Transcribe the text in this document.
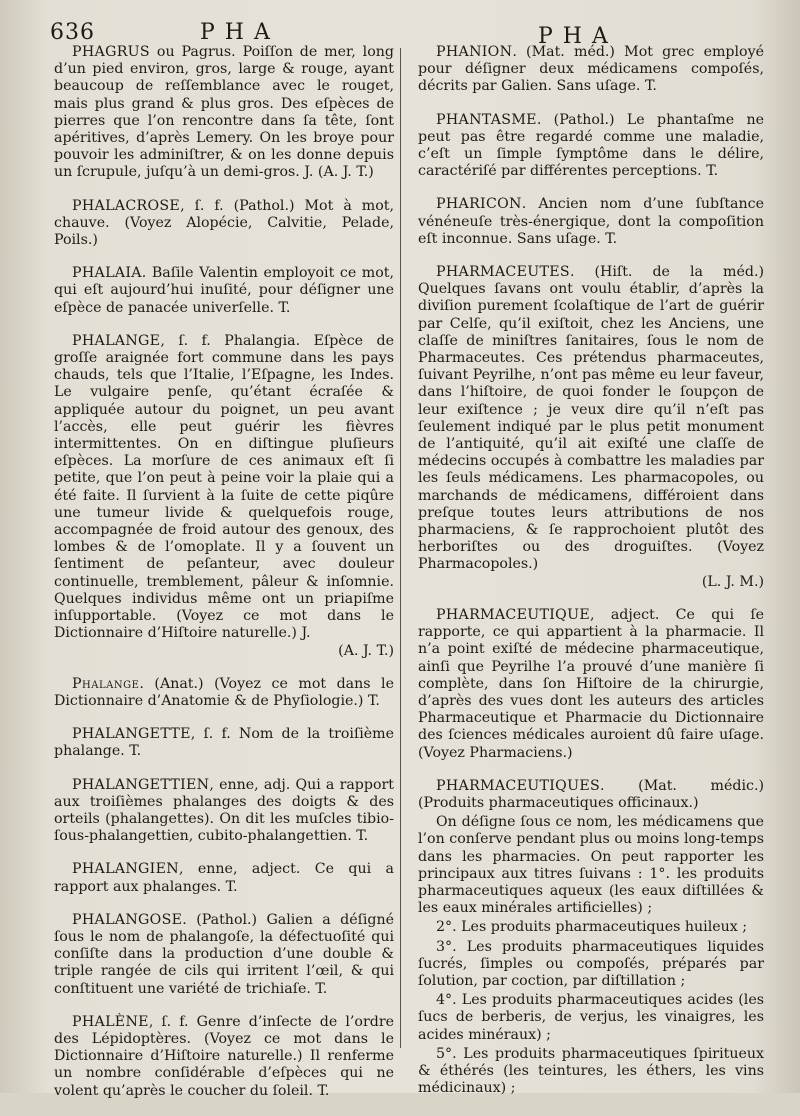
636	PHA	PHA

PHAGRUS ou Pagrus. Poiſſon de mer, long d’un pied environ, gros, large & rouge, ayant beaucoup de reſſemblance avec le rouget, mais plus grand & plus gros. Des eſpèces de pierres que l’on rencontre dans ſa tête, ſont apéritives, d’après Lemery. On les broye pour pouvoir les adminiſtrer, & on les donne depuis un ſcrupule, juſqu’à un demi-gros. J. (A. J. T.)

PHALACROSE, ſ. f. (Pathol.) Mot à mot, chauve. (Voyez Alopécie, Calvitie, Pelade, Poils.)

PHALAIA. Baſile Valentin employoit ce mot, qui eſt aujourd’hui inuſité, pour déſigner une eſpèce de panacée univerſelle. T.

PHALANGE, ſ. f. Phalangia. Eſpèce de groſſe araignée fort commune dans les pays chauds, tels que l’Italie, l’Eſpagne, les Indes. Le vulgaire penſe, qu’étant écraſée & appliquée autour du poignet, un peu avant l’accès, elle peut guérir les fièvres intermittentes. On en diſtingue pluſieurs eſpèces. La morſure de ces animaux eſt ſi petite, que l’on peut à peine voir la plaie qui a été faite. Il ſurvient à la ſuite de cette piqûre une tumeur livide & quelquefois rouge, accompagnée de froid autour des genoux, des lombes & de l’omoplate. Il y a ſouvent un ſentiment de peſanteur, avec douleur continuelle, tremblement, pâleur & inſomnie. Quelques individus même ont un priapiſme inſupportable. (Voyez ce mot dans le Dictionnaire d’Hiſtoire naturelle.) J.
(A. J. T.)

Phalange. (Anat.) (Voyez ce mot dans le Dictionnaire d’Anatomie & de Phyſiologie.) T.

PHALANGETTE, ſ. f. Nom de la troiſième phalange. T.

PHALANGETTIEN, enne, adj. Qui a rapport aux troiſièmes phalanges des doigts & des orteils (phalangettes). On dit les muſcles tibio-ſous-phalangettien, cubito-phalangettien. T.

PHALANGIEN, enne, adject. Ce qui a rapport aux phalanges. T.

PHALANGOSE. (Pathol.) Galien a déſigné ſous le nom de phalangoſe, la défectuoſité qui conſiſte dans la production d’une double & triple rangée de cils qui irritent l’œil, & qui conſtituent une variété de trichiaſe. T.

PHALÈNE, ſ. f. Genre d’inſecte de l’ordre des Lépidoptères. (Voyez ce mot dans le Dictionnaire d’Hiſtoire naturelle.) Il renferme un nombre conſidérable d’eſpèces qui ne volent qu’après le coucher du ſoleil. T.

PHANION. (Mat. méd.) Mot grec employé pour déſigner deux médicamens compoſés, décrits par Galien. Sans uſage. T.

PHANTASME. (Pathol.) Le phantaſme ne peut pas être regardé comme une maladie, c’eſt un ſimple ſymptôme dans le délire, caractériſé par différentes perceptions. T.

PHARICON. Ancien nom d’une ſubſtance vénéneuſe très-énergique, dont la compoſition eſt inconnue. Sans uſage. T.

PHARMACEUTES. (Hiſt. de la méd.) Quelques ſavans ont voulu établir, d’après la diviſion purement ſcolaſtique de l’art de guérir par Celſe, qu’il exiſtoit, chez les Anciens, une claſſe de miniſtres ſanitaires, ſous le nom de Pharmaceutes. Ces prétendus pharmaceutes, ſuivant Peyrilhe, n’ont pas même eu leur faveur, dans l’hiſtoire, de quoi fonder le ſoupçon de leur exiſtence ; je veux dire qu’il n’eſt pas ſeulement indiqué par le plus petit monument de l’antiquité, qu’il ait exiſté une claſſe de médecins occupés à combattre les maladies par les ſeuls médicamens. Les pharmacopoles, ou marchands de médicamens, différoient dans preſque toutes leurs attributions de nos pharmaciens, & ſe rapprochoient plutôt des herboriſtes ou des droguiſtes. (Voyez Pharmacopoles.)
(L. J. M.)

PHARMACEUTIQUE, adject. Ce qui ſe rapporte, ce qui appartient à la pharmacie. Il n’a point exiſté de médecine pharmaceutique, ainſi que Peyrilhe l’a prouvé d’une manière ſi complète, dans ſon Hiſtoire de la chirurgie, d’après des vues dont les auteurs des articles Pharmaceutique et Pharmacie du Dictionnaire des ſciences médicales auroient dû faire uſage. (Voyez Pharmaciens.)

PHARMACEUTIQUES. (Mat. médic.) (Produits pharmaceutiques officinaux.)

On déſigne ſous ce nom, les médicamens que l’on conſerve pendant plus ou moins long-temps dans les pharmacies. On peut rapporter les principaux aux titres ſuivans : 1°. les produits pharmaceutiques aqueux (les eaux diſtillées & les eaux minérales artificielles) ;

2°. Les produits pharmaceutiques huileux ;

3°. Les produits pharmaceutiques liquides ſucrés, ſimples ou compoſés, préparés par ſolution, par coction, par diſtillation ;

4°. Les produits pharmaceutiques acides (les ſucs de berberis, de verjus, les vinaigres, les acides minéraux) ;

5°. Les produits pharmaceutiques ſpiritueux & éthérés (les teintures, les éthers, les vins médicinaux) ;
